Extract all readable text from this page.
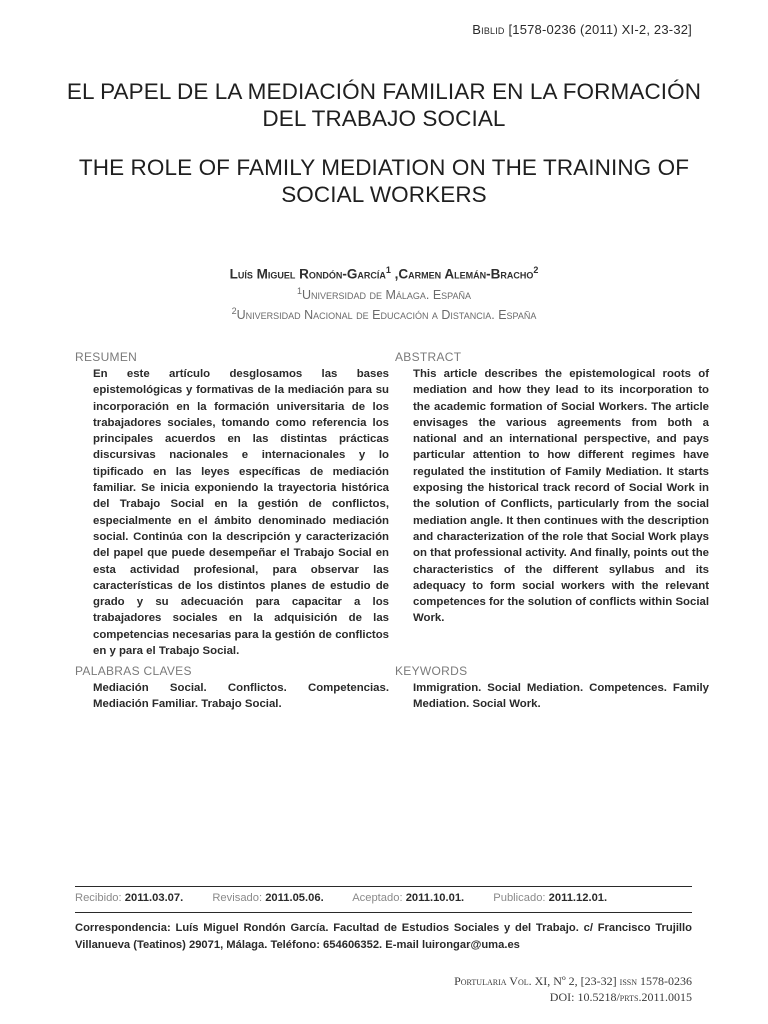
Biblid [1578-0236 (2011) XI-2, 23-32]
EL PAPEL DE LA MEDIACIÓN FAMILIAR EN LA FORMACIÓN DEL TRABAJO SOCIAL
THE ROLE OF FAMILY MEDIATION ON THE TRAINING OF SOCIAL WORKERS
Luís Miguel Rondón-García$^1$ ,Carmen Alemán-Bracho$^2$
$^1$Universidad de Málaga. España
$^2$Universidad Nacional de Educación a Distancia. España
RESUMEN

En este artículo desglosamos las bases epistemológicas y formativas de la mediación para su incorporación en la formación universitaria de los trabajadores sociales, tomando como referencia los principales acuerdos en las distintas prácticas discursivas nacionales e internacionales y lo tipificado en las leyes específicas de mediación familiar. Se inicia exponiendo la trayectoria histórica del Trabajo Social en la gestión de conflictos, especialmente en el ámbito denominado mediación social. Continúa con la descripción y caracterización del papel que puede desempeñar el Trabajo Social en esta actividad profesional, para observar las características de los distintos planes de estudio de grado y su adecuación para capacitar a los trabajadores sociales en la adquisición de las competencias necesarias para la gestión de conflictos en y para el Trabajo Social.

ABSTRACT

This article describes the epistemological roots of mediation and how they lead to its incorporation to the academic formation of Social Workers. The article envisages the various agreements from both a national and an international perspective, and pays particular attention to how different regimes have regulated the institution of Family Mediation. It starts exposing the historical track record of Social Work in the solution of Conflicts, particularly from the social mediation angle. It then continues with the description and characterization of the role that Social Work plays on that professional activity. And finally, points out the characteristics of the different syllabus and its adequacy to form social workers with the relevant competences for the solution of conflicts within Social Work.

PALABRAS CLAVES

Mediación Social. Conflictos. Competencias. Mediación Familiar. Trabajo Social.

KEYWORDS

Immigration. Social Mediation. Competences. Family Mediation. Social Work.

Recibido: 2011.03.07.	Revisado: 2011.05.06.	Aceptado: 2011.10.01.	Publicado: 2011.12.01.
Correspondencia: Luís Miguel Rondón García. Facultad de Estudios Sociales y del Trabajo. c/ Francisco Trujillo Villanueva (Teatinos) 29071, Málaga. Teléfono: 654606352. E-mail luirongar@uma.es
Portularia Vol. XI, Nº 2, [23-32] issn 1578-0236
DOI: 10.5218/prts.2011.0015
